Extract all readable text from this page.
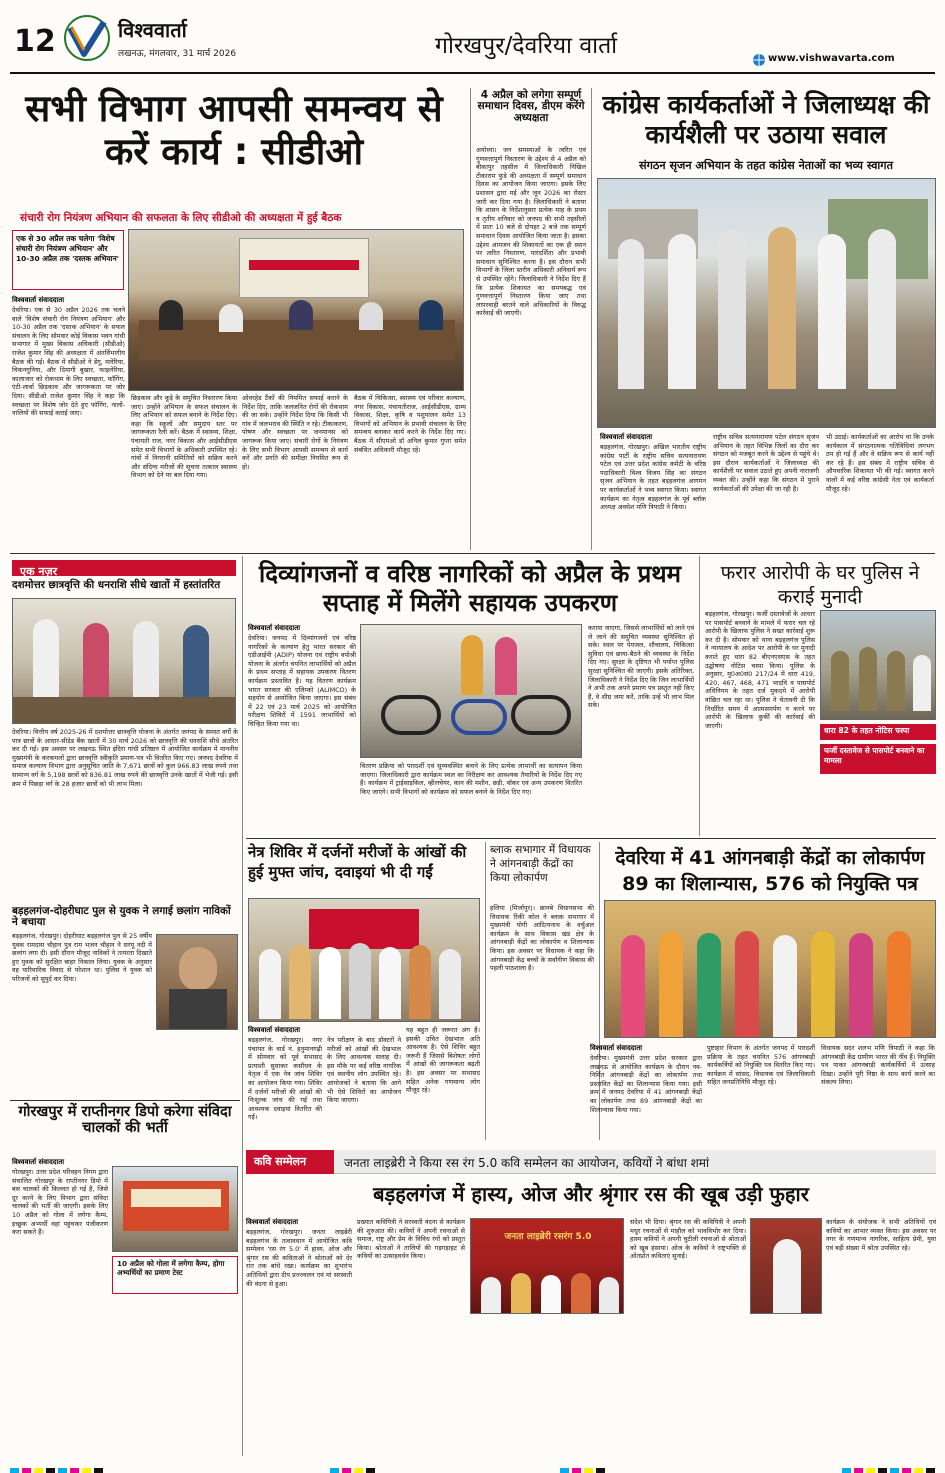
12	विश्ववार्ता
लखनऊ, मंगलवार, 31 मार्च 2026	गोरखपुर/देवरिया वार्ता	www.vishwavarta.com
सभी विभाग आपसी समन्वय से करें कार्य : सीडीओ
संचारी रोग नियंत्रण अभियान की सफलता के लिए सीडीओ की अध्यक्षता में हुई बैठक
एक से 30 अप्रैल तक चलेगा 'विशेष संचारी रोग नियंत्रण अभियान' और 10-30 अप्रैल तक 'दस्तक अभियान'
विश्ववार्ता संवाददाता
देवरिया। एक से 30 अप्रैल 2026 तक चलने वाले 'विशेष संचारी रोग नियंत्रण अभियान' और 10-30 अप्रैल तक 'दस्तक अभियान' के सफल संचालन के लिए सोमवार कोई विकास भवन गांधी सभागार में मुख्य विकास अधिकारी (सीडीओ) राजेश कुमार सिंह की अध्यक्षता में अंतर्विभागीय बैठक की गई। बैठक में सीडीओ ने डेंगू, मलेरिया, चिकनगुनिया, और दिमागी बुखार, फाइलेरिया, कालाजार को रोकथाम के लिए स्वच्छता, फॉगिंग, एंटी-लार्वा छिड़काव और जागरूकता पर जोर दिया। सीडीओ राजेश कुमार सिंह ने कहा कि स्वच्छता पर विशेष जोर देते हुए फॉगिंग, नालों-नालियों की सफाई कराई जाए।
छिड़काव और कूड़े के समुचित निस्तारण किया जाए। उन्होंने अभियान के सफल संचालन के लिए अभियान को सफल बनाने के निर्देश दिए। कहा कि स्कूलों और समुदाय स्तर पर जागरूकता रैली करें। बैठक में स्वास्थ्य, शिक्षा, पंचायती राज, नगर विकास और आईसीडीएस समेत सभी विभागों के अधिकारी उपस्थित रहे। गांवों में निगरानी समितियों को सक्रिय करने और संदिग्ध मरीजों की सूचना तत्काल स्वास्थ्य विभाग को देने पर बल दिया गया।
ओवरहेड टैंकों की नियमित सफाई कराने के निर्देश दिए, ताकि जलजनित रोगों की रोकथाम की जा सके। उन्होंने निर्देश दिया कि किसी भी गांव में जलभराव की स्थिति न रहे। टीकाकरण, पोषण और स्वच्छता पर जनमानस को जागरूक किया जाए। संचारी रोगों के नियंत्रण के लिए सभी विभाग आपसी समन्वय से कार्य करें और प्रगति की समीक्षा नियमित रूप से हो।
बैठक में चिकित्सा, स्वास्थ्य एवं परिवार कल्याण, नगर विकास, पंचायतीराज, आईसीडीएस, ग्राम्य विकास, शिक्षा, कृषि व पशुपालन समेत 13 विभागों को अभियान के प्रभावी संचालन के लिए समन्वय बनाकर कार्य करने के निर्देश दिए गए। बैठक में सीएमओ डॉ अनिल कुमार गुप्ता समेत संबंधित अधिकारी मौजूद रहे।
4 अप्रैल को लगेगा सम्पूर्ण समाधान दिवस, डीएम करेंगे अध्यक्षता
अयोध्या। जन समस्याओं के त्वरित एवं गुणवत्तापूर्ण निस्तारण के उद्देश्य से 4 अप्रैल को बीकापुर तहसील में जिलाधिकारी निखिल टीकाराम फुंडे की अध्यक्षता में सम्पूर्ण समाधान दिवस का आयोजन किया जाएगा। इसके लिए प्रशासन द्वारा मई और जून 2026 का रोस्टर जारी कर दिया गया है। जिलाधिकारी ने बताया कि शासन के निर्देशानुसार प्रत्येक माह के प्रथम व तृतीय शनिवार को जनपद की सभी तहसीलों में प्रातः 10 बजे से दोपहर 2 बजे तक सम्पूर्ण समाधान दिवस आयोजित किया जाता है। इसका उद्देश्य आमजन की शिकायतों का एक ही स्थान पर त्वरित निस्तारण, पारदर्शिता और प्रभावी समाधान सुनिश्चित करना है। इस दौरान सभी विभागों के जिला स्तरीय अधिकारी अनिवार्य रूप से उपस्थित रहेंगे। जिलाधिकारी ने निर्देश दिए हैं कि प्रत्येक शिकायत का समयबद्ध एवं गुणवत्तापूर्ण निस्तारण किया जाए तथा लापरवाही बरतने वाले अधिकारियों के विरुद्ध कार्रवाई की जाएगी।
कांग्रेस कार्यकर्ताओं ने जिलाध्यक्ष की कार्यशैली पर उठाया सवाल
संगठन सृजन अभियान के तहत कांग्रेस नेताओं का भव्य स्वागत
विश्ववार्ता संवाददाता
बड़हलगंज, गोरखपुर। अखिल भारतीय राष्ट्रीय कांग्रेस पार्टी के राष्ट्रीय सचिव सत्यनारायण पटेल एवं उत्तर प्रदेश कांग्रेस कमेटी के वरिष्ठ पदाधिकारी विश्व विजय सिंह का संगठन सृजन अभियान के तहत बड़हलगंज आगमन पर कार्यकर्ताओं ने भव्य स्वागत किया। स्वागत कार्यक्रम का नेतृत्व बड़हलगंज के पूर्व ब्लॉक अध्यक्ष अवधेश मणि त्रिपाठी ने किया।
राष्ट्रीय सचिव सत्यनारायण पटेल संगठन सृजन अभियान के तहत विभिन्न जिलों का दौरा कर संगठन को मजबूत करने के उद्देश्य से पहुंचे थे। इस दौरान कार्यकर्ताओं ने जिलाध्यक्ष की कार्यशैली पर सवाल उठाते हुए अपनी नाराजगी व्यक्त की। उन्होंने कहा कि संगठन में पुराने कार्यकर्ताओं की उपेक्षा की जा रही है।
भी उठाई। कार्यकर्ताओं का आरोप था कि उनके कार्यकाल में संगठनात्मक गतिविधियां लगभग ठप हो गई हैं और वे सक्रिय रूप से कार्य नहीं कर रहे हैं। इस संबंध में राष्ट्रीय सचिव से औपचारिक शिकायत भी की गई। स्वागत करने वालों में कई वरिष्ठ कांग्रेसी नेता एवं कार्यकर्ता मौजूद रहे।
एक नज़र
दशमोत्तर छात्रवृत्ति की धनराशि सीधे खातों में हस्तांतरित
देवरिया। वित्तीय वर्ष 2025-26 में दशमोत्तर छात्रवृत्ति योजना के अंतर्गत जनपद के समस्त वर्गों के पात्र छात्रों के आधार-सीडेड बैंक खातों में 30 मार्च 2026 को छात्रवृत्ति की धनराशि सीधे अंतरित कर दी गई। इस अवसर पर लखनऊ स्थित इंदिरा गांधी प्रतिष्ठान में आयोजित कार्यक्रम में माननीय मुख्यमंत्री के करकमलों द्वारा छात्रवृत्ति स्वीकृति प्रमाण-पत्र भी वितरित किए गए। जनपद देवरिया में समाज कल्याण विभाग द्वारा अनुसूचित जाति के 7,671 छात्रों को कुल 966.83 लाख रुपये तथा सामान्य वर्ग के 5,198 छात्रों को 836.81 लाख रुपये की छात्रवृत्ति उनके खातों में भेजी गई। इसी क्रम में पिछड़ा वर्ग के 28 हजार छात्रों को भी लाभ मिला।
बड़हलगंज-दोहरीघाट पुल से युवक ने लगाई छलांग नाविकों ने बचाया
बड़हलगंज, गोरखपुर। दोहरीघाट बड़हलगंज पुल से 25 वर्षीय युवक रामदास चौहान पुत्र राम भजन चौहान ने सरयू नदी में छलांग लगा दी। इसी दौरान मौजूद नाविकों ने तत्परता दिखाते हुए युवक को सुरक्षित बाहर निकाल लिया। युवक के अनुसार वह पारिवारिक विवाद से परेशान था। पुलिस ने युवक को परिजनों को सुपुर्द कर दिया।
गोरखपुर में राप्तीनगर डिपो करेगा संविदा चालकों की भर्ती
विश्ववार्ता संवाददाता
गोरखपुर। उत्तर प्रदेश परिवहन निगम द्वारा संचालित गोरखपुर के राप्तीनगर डिपो में बस चालकों की किल्लत हो गई है, जिसे दूर करने के लिए विभाग द्वारा संविदा चालकों की भर्ती की जाएगी। इसके लिए 10 अप्रैल को गोला में लगेगा कैम्प, इच्छुक अभ्यर्थी वहां पहुंचकर पंजीकरण करा सकते हैं।
10 अप्रैल को गोला में लगेगा कैम्प, होगा अभ्यर्थियों का प्रमाण टेस्ट
दिव्यांगजनों व वरिष्ठ नागरिकों को अप्रैल के प्रथम सप्ताह में मिलेंगे सहायक उपकरण
विश्ववार्ता संवाददाता
देवरिया। जनपद में दिव्यांगजनों एवं वरिष्ठ नागरिकों के कल्याण हेतु भारत सरकार की एडीआईपी (ADIP) योजना एवं राष्ट्रीय वयोश्री योजना के अंतर्गत चयनित लाभार्थियों को अप्रैल के प्रथम सप्ताह में सहायक उपकरण वितरण कार्यक्रम प्रस्तावित है। यह वितरण कार्यक्रम भारत सरकार की एलिम्को (ALIMCO) के सहयोग से आयोजित किया जाएगा। इस संबंध में 22 एवं 23 मार्च 2025 को आयोजित परीक्षण शिविरों में 1591 लाभार्थियों को चिन्हित किया गया था।
वितरण प्रक्रिया को पारदर्शी एवं सुव्यवस्थित बनाने के लिए प्रत्येक लाभार्थी का सत्यापन किया जाएगा। जिलाधिकारी द्वारा कार्यक्रम स्थल का निरीक्षण कर आवश्यक तैयारियों के निर्देश दिए गए हैं। कार्यक्रम में ट्राईसाइकिल, व्हीलचेयर, कान की मशीन, छड़ी, वॉकर एवं अन्य उपकरण वितरित किए जाएंगे। सभी विभागों को कार्यक्रम को सफल बनाने के निर्देश दिए गए।
कराया जाएगा, जिससे लाभार्थियों को लाने एवं ले जाने की समुचित व्यवस्था सुनिश्चित हो सके। स्थल पर पेयजल, शौचालय, चिकित्सा सुविधा एवं छाया-बैठने की व्यवस्था के निर्देश दिए गए। सुरक्षा के दृष्टिगत भी पर्याप्त पुलिस सुरक्षा सुनिश्चित की जाएगी। इसके अतिरिक्त, जिलाधिकारी ने निर्देश दिए कि जिन लाभार्थियों ने अभी तक अपने प्रमाण पत्र प्रस्तुत नहीं किए हैं, वे शीघ्र जमा करें, ताकि उन्हें भी लाभ मिल सके।
फरार आरोपी के घर पुलिस ने कराई मुनादी
बड़हलगंज, गोरखपुर। फर्जी दस्तावेजों के आधार पर पासपोर्ट बनवाने के मामले में फरार चल रहे आरोपी के खिलाफ पुलिस ने सख्त कार्रवाई शुरू कर दी है। सोमवार को थाना बड़हलगंज पुलिस ने न्यायालय के आदेश पर आरोपी के घर मुनादी कराते हुए धारा 82 बीएनएसएस के तहत उद्घोषणा नोटिस चस्पा किया। पुलिस के अनुसार, मु0अ0सं0 217/24 में धारा 419, 420, 467, 468, 471 भादवि व पासपोर्ट अधिनियम के तहत दर्ज मुकदमे में आरोपी वांछित चल रहा था। पुलिस ने चेतावनी दी कि निर्धारित समय में आत्मसमर्पण न करने पर आरोपी के खिलाफ कुर्की की कार्रवाई की जाएगी।
धारा 82 के तहत नोटिस चस्पा
फर्जी दस्तावेज से पासपोर्ट बनवाने का मामला
नेत्र शिविर में दर्जनों मरीजों के आंखों की हुई मुफ्त जांच, दवाइयां भी दी गईं
विश्ववार्ता संवाददाता
बड़हलगंज, गोरखपुर। नगर पंचायत के वार्ड नं. हनुमानगढ़ी में सोमवार को पूर्व सभासद प्रत्याशी सुधाकर कसौधन के नेतृत्व में एक नेत्र जांच शिविर का आयोजन किया गया। शिविर में दर्जनों मरीजों की आंखों की निःशुल्क जांच की गई तथा आवश्यक दवाइयां वितरित की गईं।
नेत्र परीक्षण के बाद डॉक्टरों ने मरीजों को आंखों की देखभाल के लिए आवश्यक सलाह दी। इस मौके पर कई वरिष्ठ नागरिक एवं स्थानीय लोग उपस्थित रहे। आयोजकों ने बताया कि आगे भी ऐसे शिविरों का आयोजन किया जाएगा।
यह बहुत ही जरूरत अंग है। इसकी उचित देखभाल अति आवश्यक है। ऐसे शिविर बहुत जरूरी हैं जिससे बिशेषतः लोगों में आंखों की जागरूकता बढ़ती है। इस अवसर पर सभासद सहित अनेक गणमान्य लोग मौजूद रहे।
ब्लाक सभागार में विधायक ने आंगनबाड़ी केंद्रों का किया लोकार्पण
हलिया (मिर्जापुर)। छानबे विधानसभा की विधायक रिंकी कोल ने ब्लाक सभागार में मुख्यमंत्री योगी आदित्यनाथ के वर्चुअल कार्यक्रम के साथ विकास खंड क्षेत्र के आंगनबाड़ी केंद्रों का लोकार्पण व शिलान्यास किया। इस अवसर पर विधायक ने कहा कि आंगनबाड़ी केंद्र बच्चों के सर्वांगीण विकास की पहली पाठशाला है।
देवरिया में 41 आंगनबाड़ी केंद्रों का लोकार्पण 89 का शिलान्यास, 576 को नियुक्ति पत्र
विश्ववार्ता संवाददाता
देवरिया। मुख्यमंत्री उत्तर प्रदेश सरकार द्वारा लखनऊ से आयोजित कार्यक्रम के दौरान नव-निर्मित आंगनबाड़ी केंद्रों का लोकार्पण तथा प्रस्तावित केंद्रों का शिलान्यास किया गया। इसी क्रम में जनपद देवरिया में 41 आंगनबाड़ी केंद्रों का लोकार्पण तथा 89 आंगनबाड़ी केंद्रों का शिलान्यास किया गया।
पुष्टाहार विभाग के अंतर्गत जनपद में पारदर्शी प्रक्रिया के तहत चयनित 576 आंगनबाड़ी कार्यकर्त्रियों को नियुक्ति पत्र वितरित किए गए। कार्यक्रम में सांसद, विधायक एवं जिलाधिकारी सहित जनप्रतिनिधि मौजूद रहे।
विधायक सदर शलभ मणि त्रिपाठी ने कहा कि आंगनबाड़ी केंद्र ग्रामीण भारत की नींव हैं। नियुक्ति पत्र पाकर आंगनबाड़ी कार्यकर्त्रियों में उत्साह दिखा। उन्होंने पूरी निष्ठा के साथ कार्य करने का संकल्प लिया।
कवि सम्मेलन	जनता लाइब्रेरी ने किया रस रंग 5.0 कवि सम्मेलन का आयोजन, कवियों ने बांधा शमां
बड़हलगंज में हास्य, ओज और श्रृंगार रस की खूब उड़ी फुहार
विश्ववार्ता संवाददाता
बड़हलगंज, गोरखपुर। जनता लाइब्रेरी बड़हलगंज के तत्वावधान में आयोजित कवि सम्मेलन 'रस रंग 5.0' में हास्य, ओज और श्रृंगार रस की कविताओं ने श्रोताओं को देर रात तक बांधे रखा। कार्यक्रम का शुभारंभ अतिथियों द्वारा दीप प्रज्ज्वलन एवं मां सरस्वती की वंदना से हुआ।
प्रख्यात कवियित्री ने सरस्वती वंदना से कार्यक्रम की शुरुआत की। कवियों ने अपनी रचनाओं से समाज, राष्ट्र और प्रेम के विविध रंगों को प्रस्तुत किया। श्रोताओं ने तालियों की गड़गड़ाहट से कवियों का उत्साहवर्धन किया।
जनता लाइब्रेरी रसरंग 5.0
संदेश भी दिया। श्रृंगार रस की कवियित्री ने अपनी मधुर रचनाओं से माहौल को भावविभोर कर दिया। हास्य कवियों ने अपनी चुटीली रचनाओं से श्रोताओं को खूब हंसाया। ओज के कवियों ने राष्ट्रभक्ति से ओतप्रोत कविताएं सुनाईं।
कार्यक्रम के संयोजक ने सभी अतिथियों एवं कवियों का आभार व्यक्त किया। इस अवसर पर नगर के गणमान्य नागरिक, साहित्य प्रेमी, युवा एवं बड़ी संख्या में श्रोता उपस्थित रहे।
